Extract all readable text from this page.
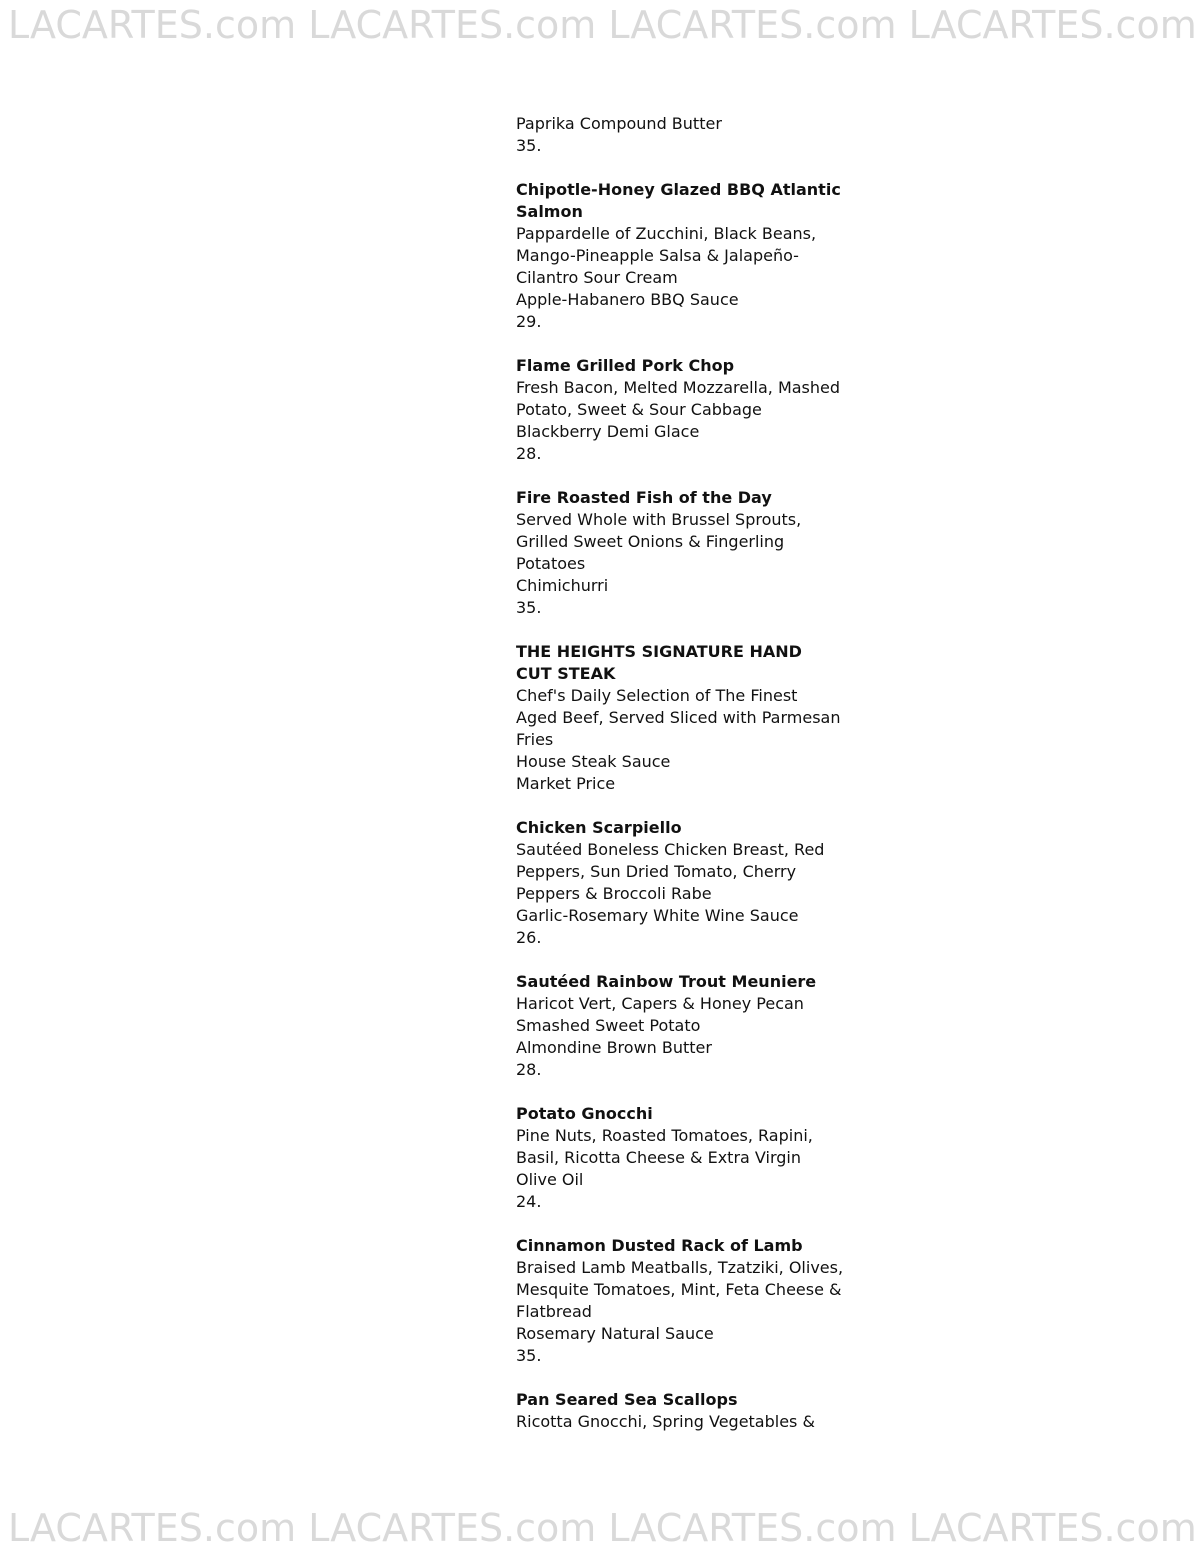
LACARTES.com LACARTES.com LACARTES.com LACARTES.com
LACARTES.com LACARTES.com LACARTES.com LACARTES.com
Paprika Compound Butter
35.
Chipotle-Honey Glazed BBQ Atlantic
Salmon
Pappardelle of Zucchini, Black Beans,
Mango-Pineapple Salsa & Jalapeño-
Cilantro Sour Cream
Apple-Habanero BBQ Sauce
29.
Flame Grilled Pork Chop
Fresh Bacon, Melted Mozzarella, Mashed
Potato, Sweet & Sour Cabbage
Blackberry Demi Glace
28.
Fire Roasted Fish of the Day
Served Whole with Brussel Sprouts,
Grilled Sweet Onions & Fingerling
Potatoes
Chimichurri
35.
THE HEIGHTS SIGNATURE HAND
CUT STEAK
Chef's Daily Selection of The Finest
Aged Beef, Served Sliced with Parmesan
Fries
House Steak Sauce
Market Price
Chicken Scarpiello
Sautéed Boneless Chicken Breast, Red
Peppers, Sun Dried Tomato, Cherry
Peppers & Broccoli Rabe
Garlic-Rosemary White Wine Sauce
26.
Sautéed Rainbow Trout Meuniere
Haricot Vert, Capers & Honey Pecan
Smashed Sweet Potato
Almondine Brown Butter
28.
Potato Gnocchi
Pine Nuts, Roasted Tomatoes, Rapini,
Basil, Ricotta Cheese & Extra Virgin
Olive Oil
24.
Cinnamon Dusted Rack of Lamb
Braised Lamb Meatballs, Tzatziki, Olives,
Mesquite Tomatoes, Mint, Feta Cheese &
Flatbread
Rosemary Natural Sauce
35.
Pan Seared Sea Scallops
Ricotta Gnocchi, Spring Vegetables &
